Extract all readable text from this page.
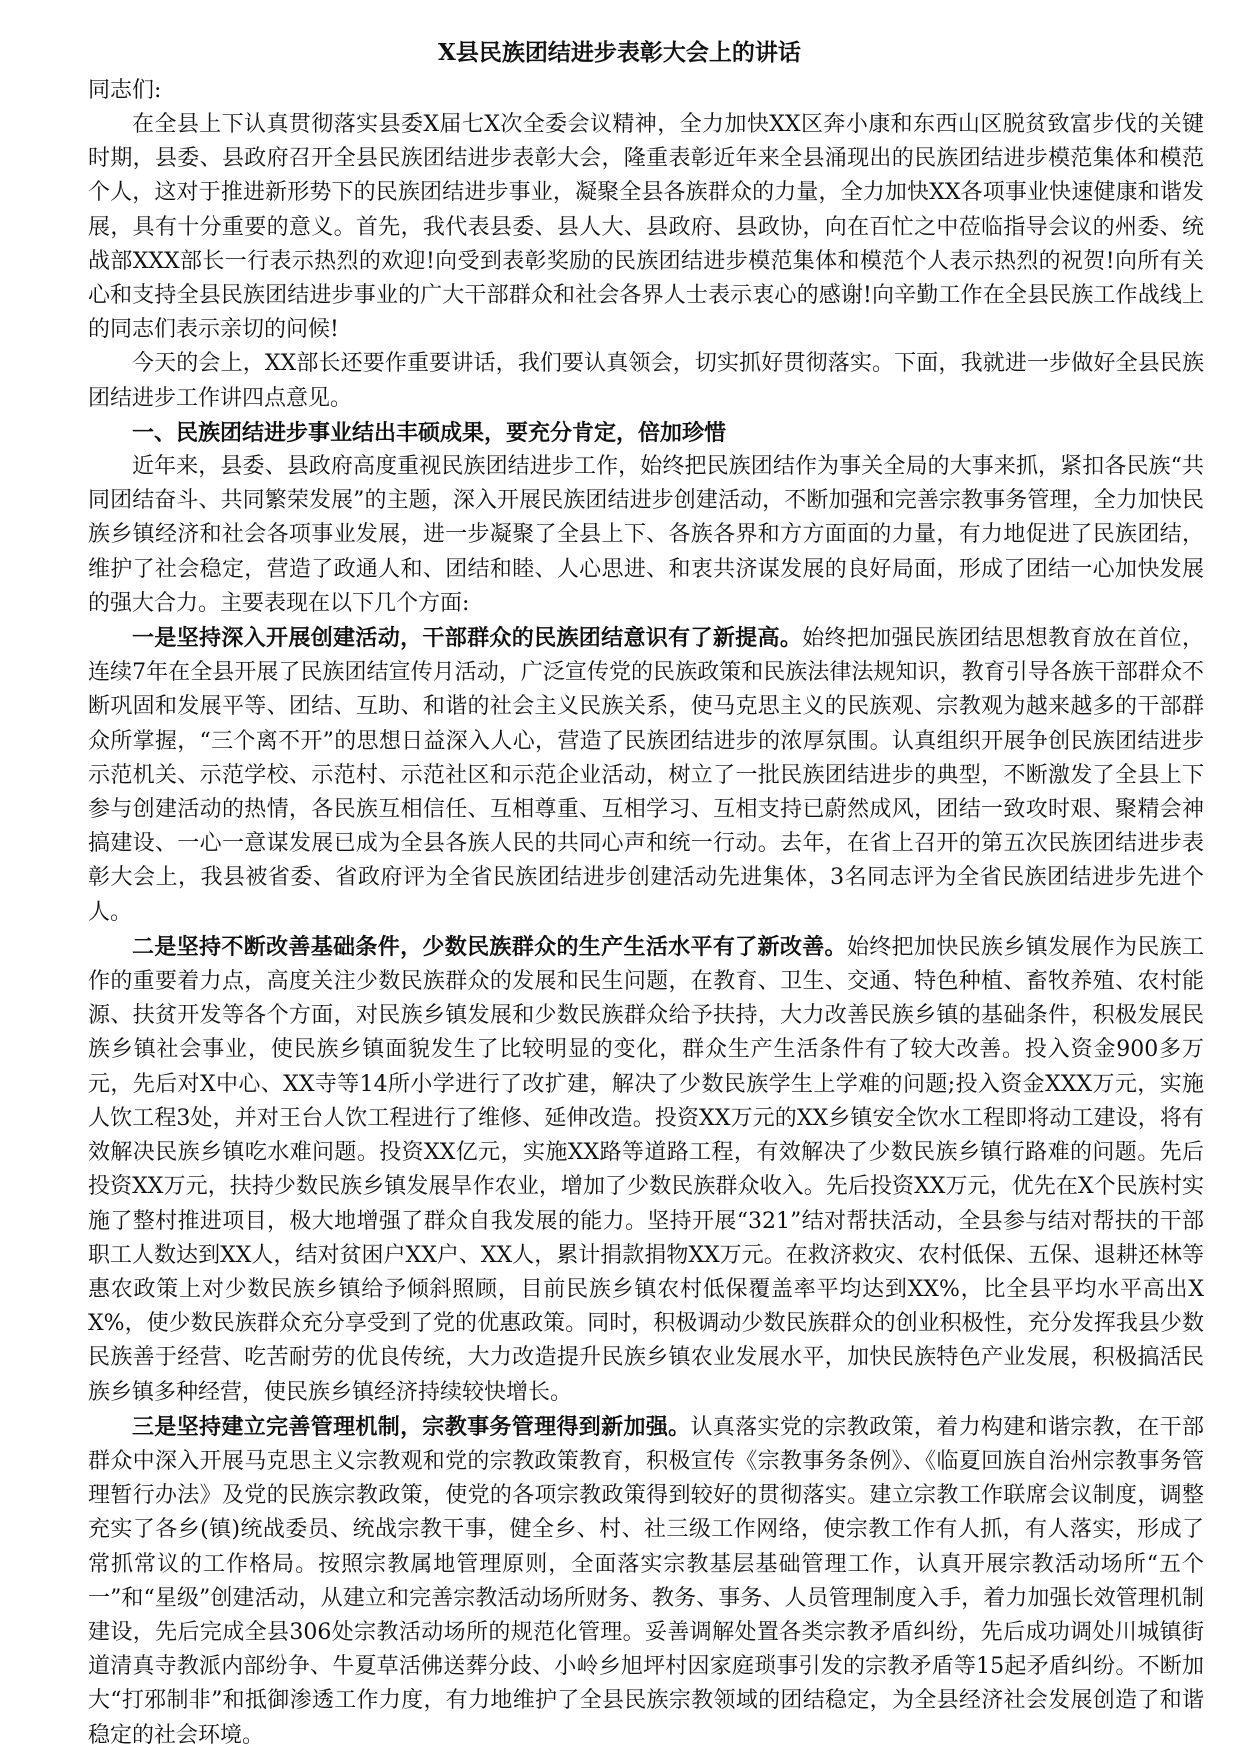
X县民族团结进步表彰大会上的讲话

同志们:

在全县上下认真贯彻落实县委X届七X次全委会议精神，全力加快XX区奔小康和东西山区脱贫致富步伐的关键时期，县委、县政府召开全县民族团结进步表彰大会，隆重表彰近年来全县涌现出的民族团结进步模范集体和模范个人，这对于推进新形势下的民族团结进步事业，凝聚全县各族群众的力量，全力加快XX各项事业快速健康和谐发展，具有十分重要的意义。首先，我代表县委、县人大、县政府、县政协，向在百忙之中莅临指导会议的州委、统战部XXX部长一行表示热烈的欢迎!向受到表彰奖励的民族团结进步模范集体和模范个人表示热烈的祝贺!向所有关心和支持全县民族团结进步事业的广大干部群众和社会各界人士表示衷心的感谢!向辛勤工作在全县民族工作战线上的同志们表示亲切的问候!

今天的会上，XX部长还要作重要讲话，我们要认真领会，切实抓好贯彻落实。下面，我就进一步做好全县民族团结进步工作讲四点意见。

一、民族团结进步事业结出丰硕成果，要充分肯定，倍加珍惜

近年来，县委、县政府高度重视民族团结进步工作，始终把民族团结作为事关全局的大事来抓，紧扣各民族“共同团结奋斗、共同繁荣发展”的主题，深入开展民族团结进步创建活动，不断加强和完善宗教事务管理，全力加快民族乡镇经济和社会各项事业发展，进一步凝聚了全县上下、各族各界和方方面面的力量，有力地促进了民族团结，维护了社会稳定，营造了政通人和、团结和睦、人心思进、和衷共济谋发展的良好局面，形成了团结一心加快发展的强大合力。主要表现在以下几个方面:

一是坚持深入开展创建活动，干部群众的民族团结意识有了新提高。始终把加强民族团结思想教育放在首位，连续7年在全县开展了民族团结宣传月活动，广泛宣传党的民族政策和民族法律法规知识，教育引导各族干部群众不断巩固和发展平等、团结、互助、和谐的社会主义民族关系，使马克思主义的民族观、宗教观为越来越多的干部群众所掌握，“三个离不开”的思想日益深入人心，营造了民族团结进步的浓厚氛围。认真组织开展争创民族团结进步示范机关、示范学校、示范村、示范社区和示范企业活动，树立了一批民族团结进步的典型，不断激发了全县上下参与创建活动的热情，各民族互相信任、互相尊重、互相学习、互相支持已蔚然成风，团结一致攻时艰、聚精会神搞建设、一心一意谋发展已成为全县各族人民的共同心声和统一行动。去年，在省上召开的第五次民族团结进步表彰大会上，我县被省委、省政府评为全省民族团结进步创建活动先进集体，3名同志评为全省民族团结进步先进个人。

二是坚持不断改善基础条件，少数民族群众的生产生活水平有了新改善。始终把加快民族乡镇发展作为民族工作的重要着力点，高度关注少数民族群众的发展和民生问题，在教育、卫生、交通、特色种植、畜牧养殖、农村能源、扶贫开发等各个方面，对民族乡镇发展和少数民族群众给予扶持，大力改善民族乡镇的基础条件，积极发展民族乡镇社会事业，使民族乡镇面貌发生了比较明显的变化，群众生产生活条件有了较大改善。投入资金900多万元，先后对X中心、XX寺等14所小学进行了改扩建，解决了少数民族学生上学难的问题;投入资金XXX万元，实施人饮工程3处，并对王台人饮工程进行了维修、延伸改造。投资XX万元的XX乡镇安全饮水工程即将动工建设，将有效解决民族乡镇吃水难问题。投资XX亿元，实施XX路等道路工程，有效解决了少数民族乡镇行路难的问题。先后投资XX万元，扶持少数民族乡镇发展旱作农业，增加了少数民族群众收入。先后投资XX万元，优先在X个民族村实施了整村推进项目，极大地增强了群众自我发展的能力。坚持开展“321”结对帮扶活动，全县参与结对帮扶的干部职工人数达到XX人，结对贫困户XX户、XX人，累计捐款捐物XX万元。在救济救灾、农村低保、五保、退耕还林等惠农政策上对少数民族乡镇给予倾斜照顾，目前民族乡镇农村低保覆盖率平均达到XX%，比全县平均水平高出XX%，使少数民族群众充分享受到了党的优惠政策。同时，积极调动少数民族群众的创业积极性，充分发挥我县少数民族善于经营、吃苦耐劳的优良传统，大力改造提升民族乡镇农业发展水平，加快民族特色产业发展，积极搞活民族乡镇多种经营，使民族乡镇经济持续较快增长。

三是坚持建立完善管理机制，宗教事务管理得到新加强。认真落实党的宗教政策，着力构建和谐宗教，在干部群众中深入开展马克思主义宗教观和党的宗教政策教育，积极宣传《宗教事务条例》、《临夏回族自治州宗教事务管理暂行办法》及党的民族宗教政策，使党的各项宗教政策得到较好的贯彻落实。建立宗教工作联席会议制度，调整充实了各乡(镇)统战委员、统战宗教干事，健全乡、村、社三级工作网络，使宗教工作有人抓，有人落实，形成了常抓常议的工作格局。按照宗教属地管理原则，全面落实宗教基层基础管理工作，认真开展宗教活动场所“五个一”和“星级”创建活动，从建立和完善宗教活动场所财务、教务、事务、人员管理制度入手，着力加强长效管理机制建设，先后完成全县306处宗教活动场所的规范化管理。妥善调解处置各类宗教矛盾纠纷，先后成功调处川城镇街道清真寺教派内部纷争、牛夏草活佛送葬分歧、小岭乡旭坪村因家庭琐事引发的宗教矛盾等15起矛盾纠纷。不断加大“打邪制非”和抵御渗透工作力度，有力地维护了全县民族宗教领域的团结稳定，为全县经济社会发展创造了和谐稳定的社会环境。
